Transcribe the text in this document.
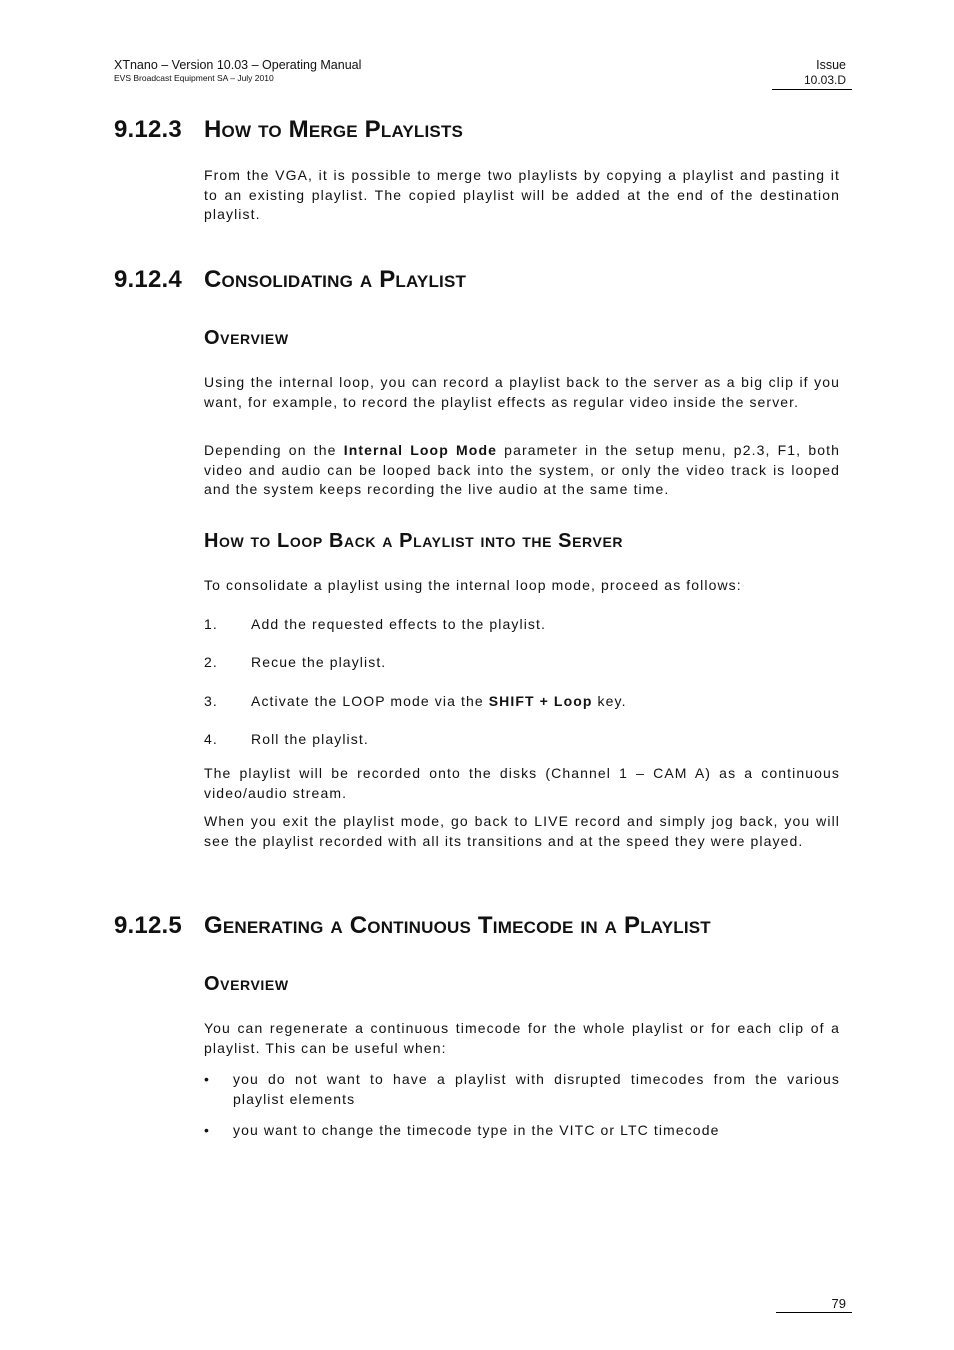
XTnano – Version 10.03 – Operating Manual
EVS Broadcast Equipment SA – July 2010
Issue
10.03.D
9.12.3 How to Merge Playlists

From the VGA, it is possible to merge two playlists by copying a playlist and pasting it to an existing playlist. The copied playlist will be added at the end of the destination playlist.

9.12.4 Consolidating a Playlist
Overview

Using the internal loop, you can record a playlist back to the server as a big clip if you want, for example, to record the playlist effects as regular video inside the server.

Depending on the Internal Loop Mode parameter in the setup menu, p2.3, F1, both video and audio can be looped back into the system, or only the video track is looped and the system keeps recording the live audio at the same time.

How to Loop Back a Playlist into the Server

To consolidate a playlist using the internal loop mode, proceed as follows:

1. Add the requested effects to the playlist.
2. Recue the playlist.
3. Activate the LOOP mode via the SHIFT + Loop key.
4. Roll the playlist.

The playlist will be recorded onto the disks (Channel 1 – CAM A) as a continuous video/audio stream.

When you exit the playlist mode, go back to LIVE record and simply jog back, you will see the playlist recorded with all its transitions and at the speed they were played.

9.12.5 Generating a Continuous Timecode in a Playlist
Overview

You can regenerate a continuous timecode for the whole playlist or for each clip of a playlist. This can be useful when:

• you do not want to have a playlist with disrupted timecodes from the various playlist elements
• you want to change the timecode type in the VITC or LTC timecode
79
